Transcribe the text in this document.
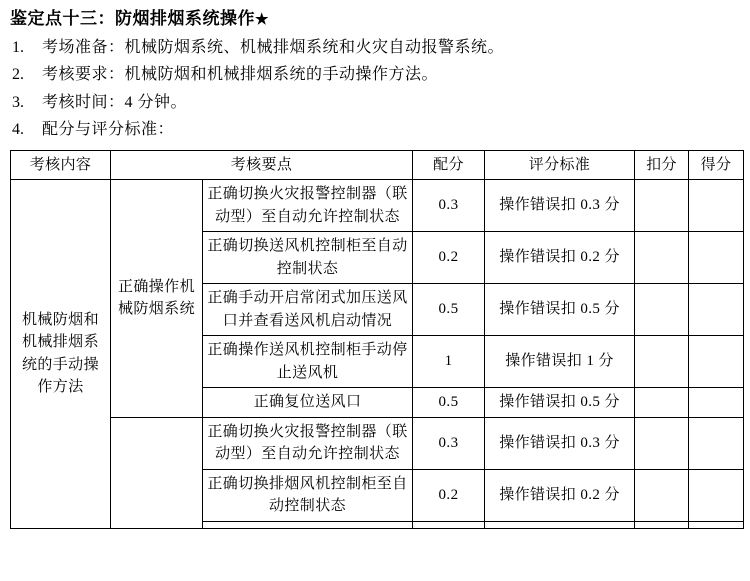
鉴定点十三：防烟排烟系统操作★
1.	考场准备： 机械防烟系统、机械排烟系统和火灾自动报警系统。
2.	考核要求： 机械防烟和机械排烟系统的手动操作方法。
3.	考核时间： 4 分钟。
4.	配分与评分标准：
考核内容	考核要点		配分	评分标准	扣分	得分
机械防烟和机械排烟系统的手动操作方法	正确操作机械防烟系统	正确切换火灾报警控制器（联动型）至自动允许控制状态	0.3	操作错误扣 0.3 分		
		正确切换送风机控制柜至自动控制状态	0.2	操作错误扣 0.2 分		
		正确手动开启常闭式加压送风口并查看送风机启动情况	0.5	操作错误扣 0.5 分		
		正确操作送风机控制柜手动停止送风机	1	操作错误扣 1 分		
		正确复位送风口	0.5	操作错误扣 0.5 分		
		正确切换火灾报警控制器（联动型）至自动允许控制状态	0.3	操作错误扣 0.3 分		
		正确切换排烟风机控制柜至自动控制状态	0.2	操作错误扣 0.2 分		
